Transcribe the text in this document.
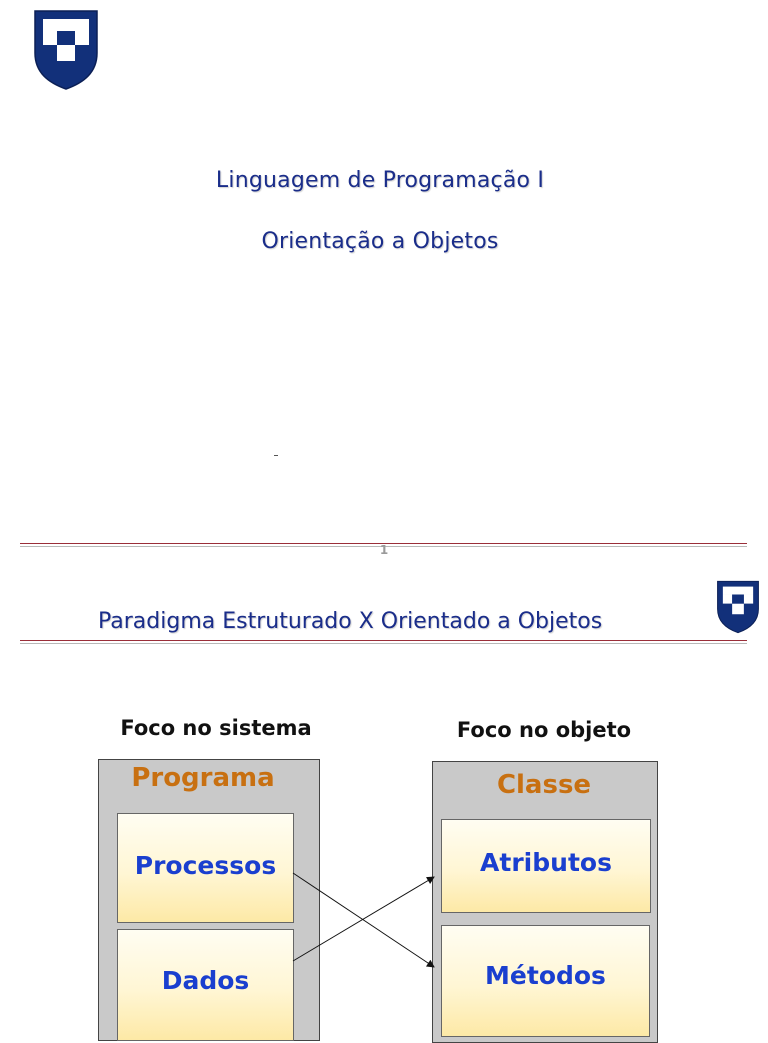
Linguagem de Programação I
Orientação a Objetos
1
Paradigma Estruturado X Orientado a Objetos
Foco no sistema	Foco no objeto
Programa	Classe
Processos
Dados
Atributos
Métodos
